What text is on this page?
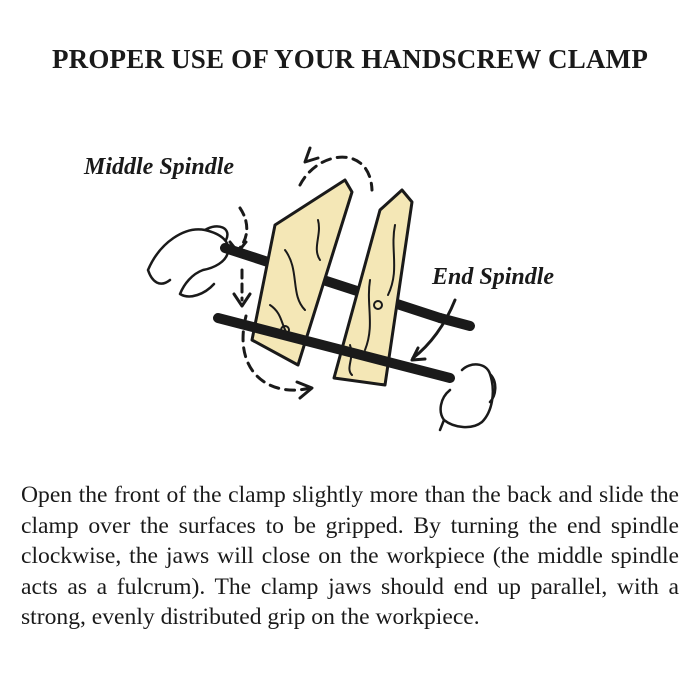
PROPER USE OF YOUR HANDSCREW CLAMP
Middle Spindle
End Spindle

Open the front of the clamp slightly more than the back and slide the clamp over the surfaces to be gripped. By turning the end spindle clockwise, the jaws will close on the workpiece (the middle spindle acts as a fulcrum). The clamp jaws should end up parallel, with a strong, evenly distributed grip on the workpiece.
